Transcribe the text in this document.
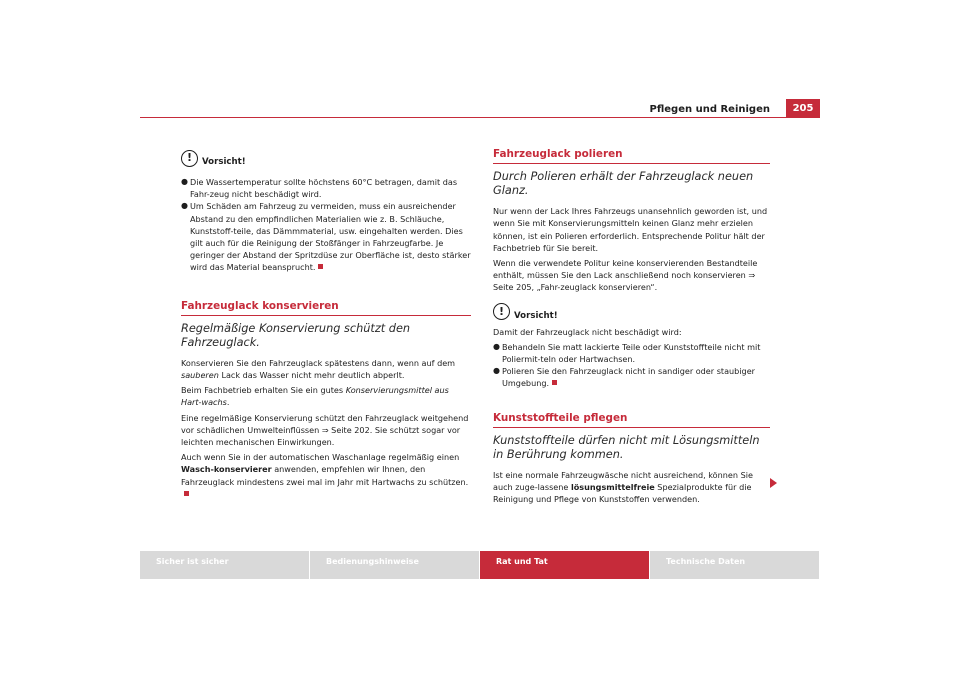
Pflegen und Reinigen	205
!	Vorsicht!
● Die Wassertemperatur sollte höchstens 60°C betragen, damit das Fahr-zeug nicht beschädigt wird.
● Um Schäden am Fahrzeug zu vermeiden, muss ein ausreichender Abstand zu den empfindlichen Materialien wie z. B. Schläuche, Kunststoff-teile, das Dämmmaterial, usw. eingehalten werden. Dies gilt auch für die Reinigung der Stoßfänger in Fahrzeugfarbe. Je geringer der Abstand der Spritzdüse zur Oberfläche ist, desto stärker wird das Material beansprucht.
Fahrzeuglack konservieren
Regelmäßige Konservierung schützt den Fahrzeuglack.

Konservieren Sie den Fahrzeuglack spätestens dann, wenn auf dem sauberen Lack das Wasser nicht mehr deutlich abperlt.

Beim Fachbetrieb erhalten Sie ein gutes Konservierungsmittel aus Hart-wachs.

Eine regelmäßige Konservierung schützt den Fahrzeuglack weitgehend vor schädlichen Umwelteinflüssen ⇒ Seite 202. Sie schützt sogar vor leichten mechanischen Einwirkungen.

Auch wenn Sie in der automatischen Waschanlage regelmäßig einen Wasch-konservierer anwenden, empfehlen wir Ihnen, den Fahrzeuglack mindestens zwei mal im Jahr mit Hartwachs zu schützen.

Fahrzeuglack polieren
Durch Polieren erhält der Fahrzeuglack neuen Glanz.

Nur wenn der Lack Ihres Fahrzeugs unansehnlich geworden ist, und wenn Sie mit Konservierungsmitteln keinen Glanz mehr erzielen können, ist ein Polieren erforderlich. Entsprechende Politur hält der Fachbetrieb für Sie bereit.

Wenn die verwendete Politur keine konservierenden Bestandteile enthält, müssen Sie den Lack anschließend noch konservieren ⇒ Seite 205, „Fahr-zeuglack konservieren“.

!	Vorsicht!

Damit der Fahrzeuglack nicht beschädigt wird:

● Behandeln Sie matt lackierte Teile oder Kunststoffteile nicht mit Poliermit-teln oder Hartwachsen.
● Polieren Sie den Fahrzeuglack nicht in sandiger oder staubiger Umgebung.
Kunststoffteile pflegen
Kunststoffteile dürfen nicht mit Lösungsmitteln in Berührung kommen.

Ist eine normale Fahrzeugwäsche nicht ausreichend, können Sie auch zuge-lassene lösungsmittelfreie Spezialprodukte für die Reinigung und Pflege von Kunststoffen verwenden.

Sicher ist sicher	Bedienungshinweise	Rat und Tat	Technische Daten
